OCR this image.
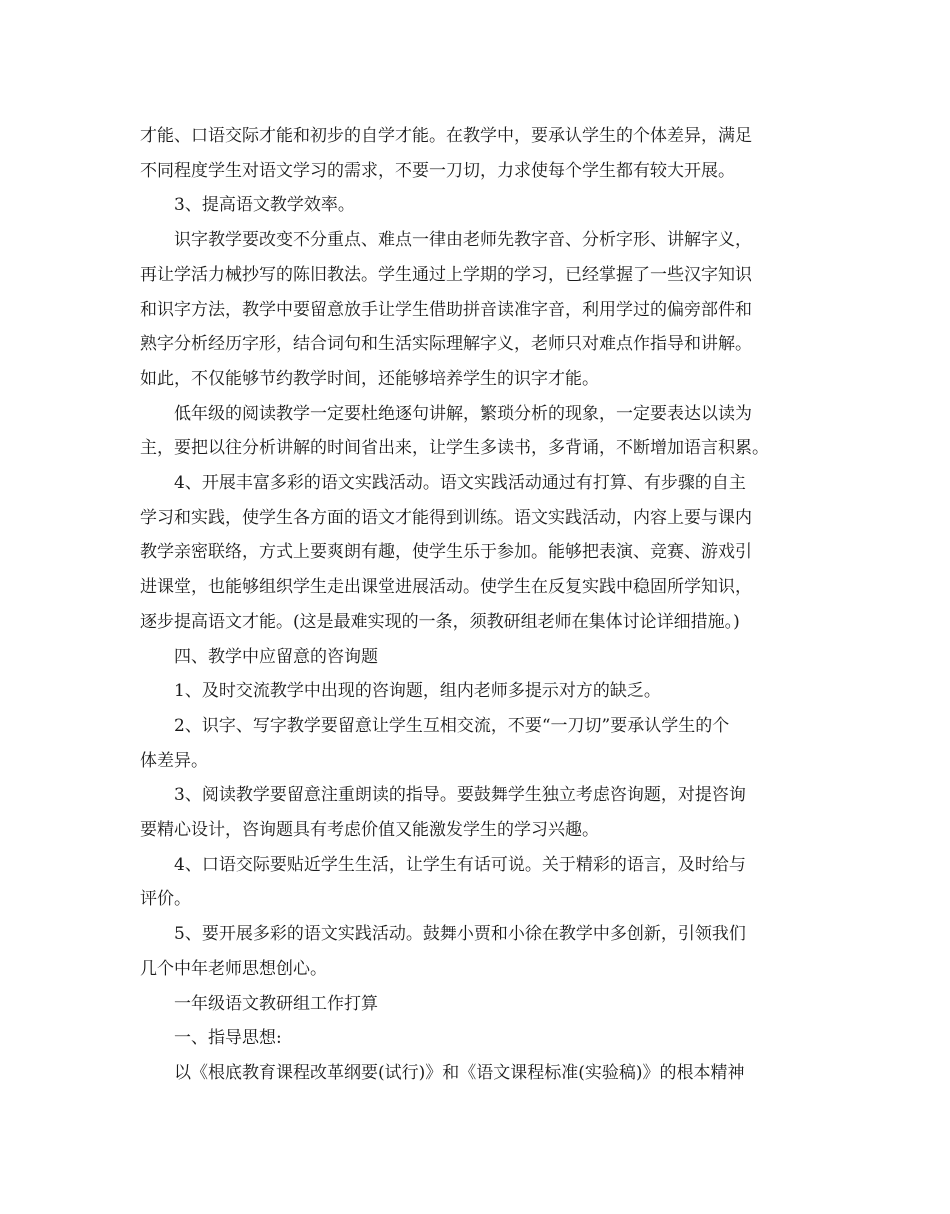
才能、口语交际才能和初步的自学才能。在教学中，要承认学生的个体差异，满足

不同程度学生对语文学习的需求，不要一刀切，力求使每个学生都有较大开展。

3、提高语文教学效率。

识字教学要改变不分重点、难点一律由老师先教字音、分析字形、讲解字义，

再让学活力械抄写的陈旧教法。学生通过上学期的学习，已经掌握了一些汉字知识

和识字方法，教学中要留意放手让学生借助拼音读准字音，利用学过的偏旁部件和

熟字分析经历字形，结合词句和生活实际理解字义，老师只对难点作指导和讲解。

如此，不仅能够节约教学时间，还能够培养学生的识字才能。

低年级的阅读教学一定要杜绝逐句讲解，繁琐分析的现象，一定要表达以读为

主，要把以往分析讲解的时间省出来，让学生多读书，多背诵，不断增加语言积累。

4、开展丰富多彩的语文实践活动。语文实践活动通过有打算、有步骤的自主

学习和实践，使学生各方面的语文才能得到训练。语文实践活动，内容上要与课内

教学亲密联络，方式上要爽朗有趣，使学生乐于参加。能够把表演、竞赛、游戏引

进课堂，也能够组织学生走出课堂进展活动。使学生在反复实践中稳固所学知识，

逐步提高语文才能。(这是最难实现的一条，须教研组老师在集体讨论详细措施。)

四、教学中应留意的咨询题

1、及时交流教学中出现的咨询题，组内老师多提示对方的缺乏。

2、识字、写字教学要留意让学生互相交流，不要“一刀切”要承认学生的个

体差异。

3、阅读教学要留意注重朗读的指导。要鼓舞学生独立考虑咨询题，对提咨询

要精心设计，咨询题具有考虑价值又能激发学生的学习兴趣。

4、口语交际要贴近学生生活，让学生有话可说。关于精彩的语言，及时给与

评价。

5、要开展多彩的语文实践活动。鼓舞小贾和小徐在教学中多创新，引领我们

几个中年老师思想创心。

一年级语文教研组工作打算

一、指导思想:

以《根底教育课程改革纲要(试行)》和《语文课程标准(实验稿)》的根本精神
